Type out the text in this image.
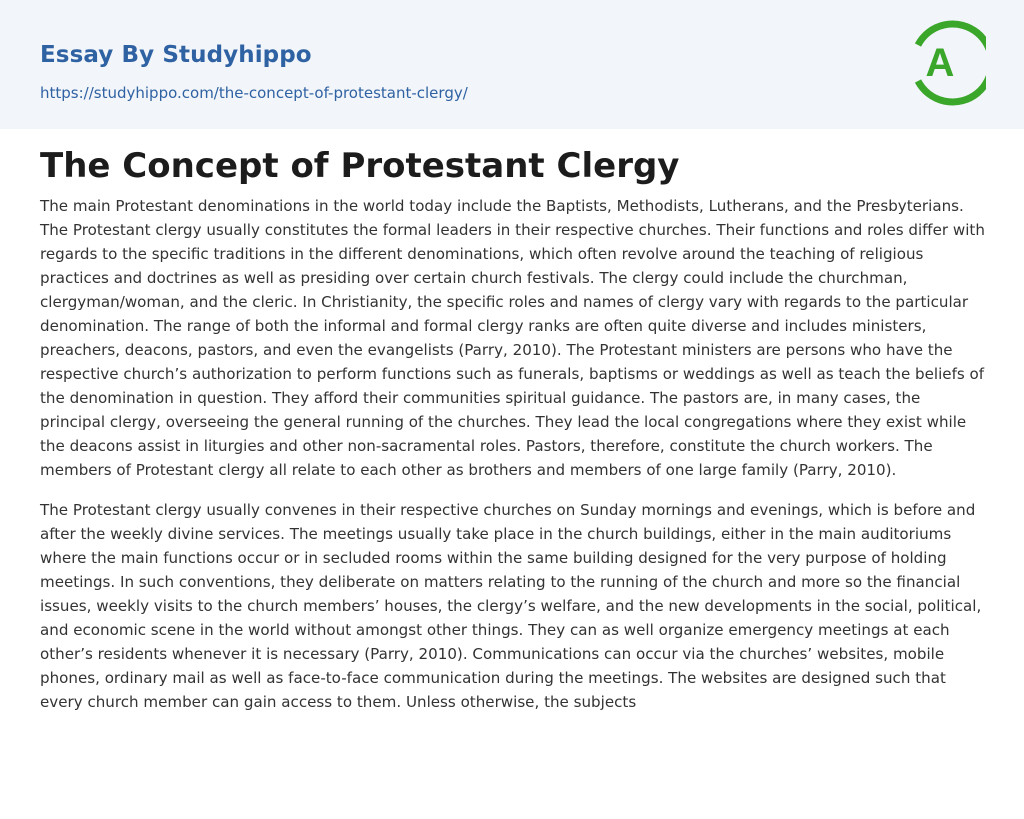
Essay By Studyhippo
https://studyhippo.com/the-concept-of-protestant-clergy/
A
The Concept of Protestant Clergy

The main Protestant denominations in the world today include the Baptists, Methodists, Lutherans, and the Presbyterians. The Protestant clergy usually constitutes the formal leaders in their respective churches. Their functions and roles differ with regards to the specific traditions in the different denominations, which often revolve around the teaching of religious practices and doctrines as well as presiding over certain church festivals. The clergy could include the churchman, clergyman/woman, and the cleric. In Christianity, the specific roles and names of clergy vary with regards to the particular denomination. The range of both the informal and formal clergy ranks are often quite diverse and includes ministers, preachers, deacons, pastors, and even the evangelists (Parry, 2010). The Protestant ministers are persons who have the respective church’s authorization to perform functions such as funerals, baptisms or weddings as well as teach the beliefs of the denomination in question. They afford their communities spiritual guidance. The pastors are, in many cases, the principal clergy, overseeing the general running of the churches. They lead the local congregations where they exist while the deacons assist in liturgies and other non-sacramental roles. Pastors, therefore, constitute the church workers. The members of Protestant clergy all relate to each other as brothers and members of one large family (Parry, 2010).

The Protestant clergy usually convenes in their respective churches on Sunday mornings and evenings, which is before and after the weekly divine services. The meetings usually take place in the church buildings, either in the main auditoriums where the main functions occur or in secluded rooms within the same building designed for the very purpose of holding meetings. In such conventions, they deliberate on matters relating to the running of the church and more so the financial issues, weekly visits to the church members’ houses, the clergy’s welfare, and the new developments in the social, political, and economic scene in the world without amongst other things. They can as well organize emergency meetings at each other’s residents whenever it is necessary (Parry, 2010). Communications can occur via the churches’ websites, mobile phones, ordinary mail as well as face-to-face communication during the meetings. The websites are designed such that every church member can gain access to them. Unless otherwise, the subjects
